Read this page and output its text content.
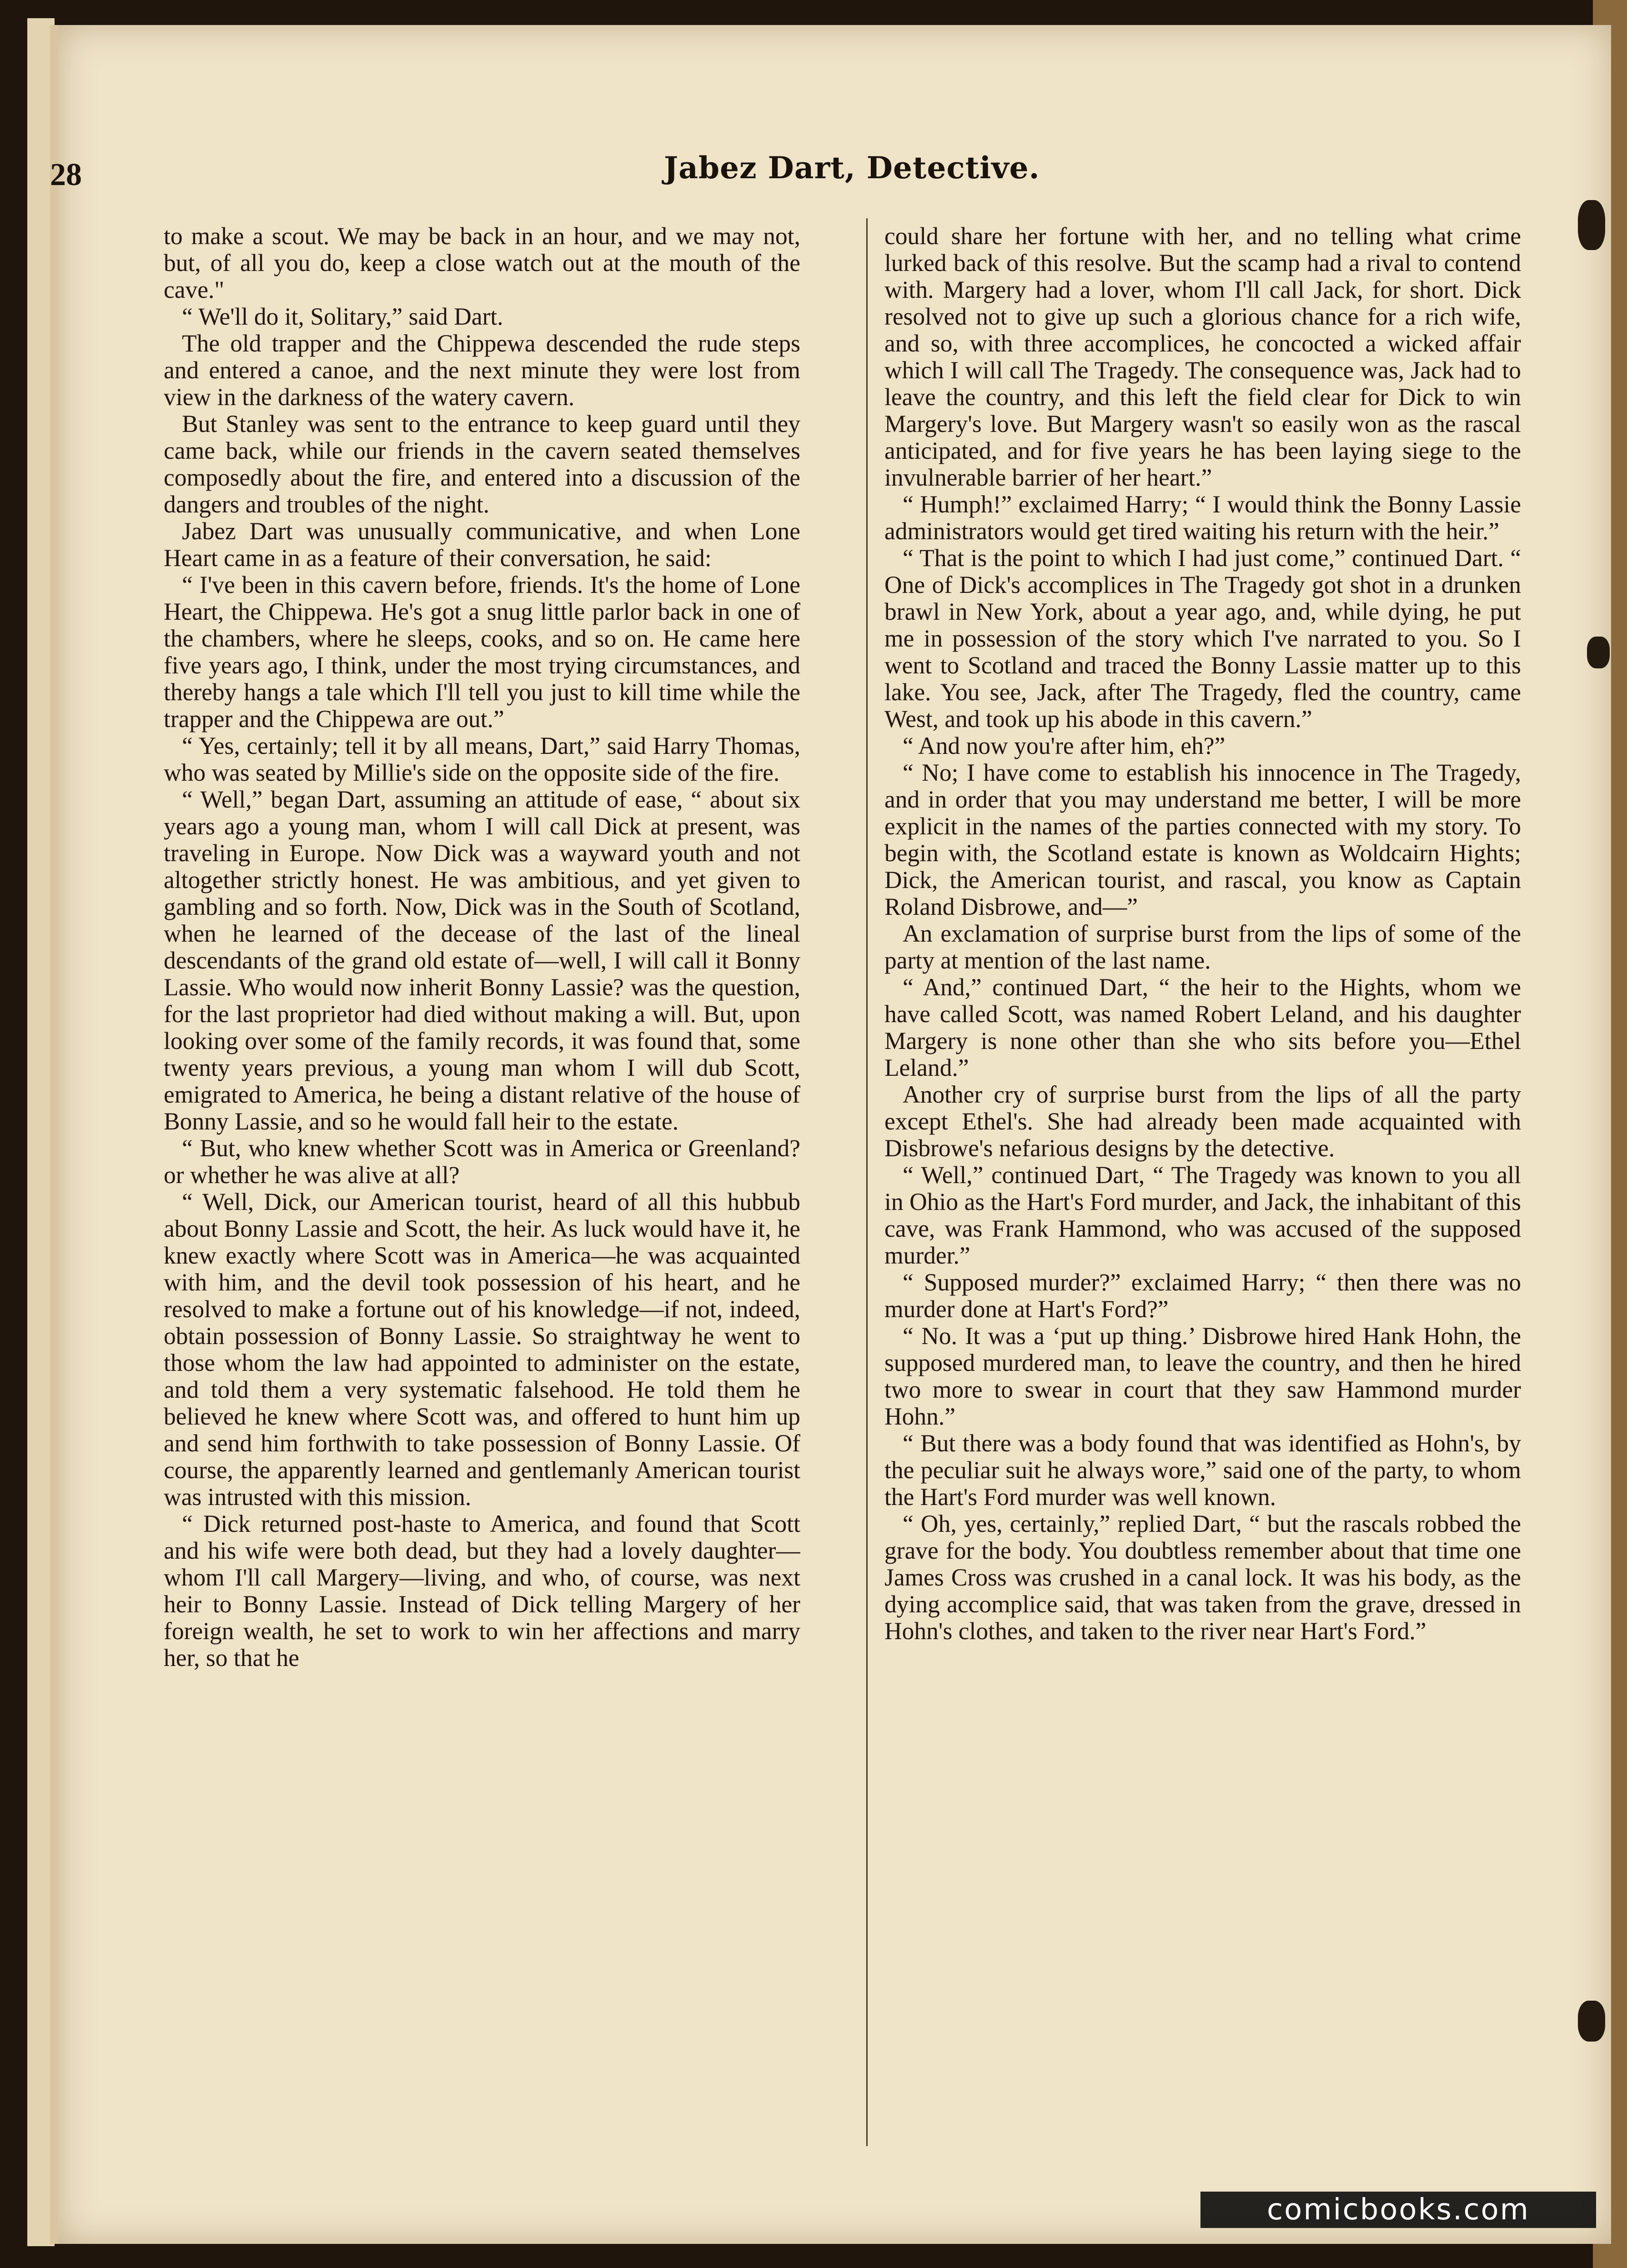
28	Jabez Dart, Detective.

to make a scout. We may be back in an hour, and we may not, but, of all you do, keep a close watch out at the mouth of the cave."

“ We'll do it, Solitary,” said Dart.

The old trapper and the Chippewa descended the rude steps and entered a canoe, and the next minute they were lost from view in the darkness of the watery cavern.

But Stanley was sent to the entrance to keep guard until they came back, while our friends in the cavern seated themselves composedly about the fire, and entered into a discussion of the dangers and troubles of the night.

Jabez Dart was unusually communicative, and when Lone Heart came in as a feature of their conversation, he said:

“ I've been in this cavern before, friends. It's the home of Lone Heart, the Chippewa. He's got a snug little parlor back in one of the chambers, where he sleeps, cooks, and so on. He came here five years ago, I think, under the most trying circumstances, and thereby hangs a tale which I'll tell you just to kill time while the trapper and the Chippewa are out.”

“ Yes, certainly; tell it by all means, Dart,” said Harry Thomas, who was seated by Millie's side on the opposite side of the fire.

“ Well,” began Dart, assuming an attitude of ease, “ about six years ago a young man, whom I will call Dick at present, was traveling in Europe. Now Dick was a wayward youth and not altogether strictly honest. He was ambitious, and yet given to gambling and so forth. Now, Dick was in the South of Scotland, when he learned of the decease of the last of the lineal descendants of the grand old estate of—well, I will call it Bonny Lassie. Who would now inherit Bonny Lassie? was the question, for the last proprietor had died without making a will. But, upon looking over some of the family records, it was found that, some twenty years previous, a young man whom I will dub Scott, emigrated to America, he being a distant relative of the house of Bonny Lassie, and so he would fall heir to the estate.

“ But, who knew whether Scott was in America or Greenland? or whether he was alive at all?

“ Well, Dick, our American tourist, heard of all this hubbub about Bonny Lassie and Scott, the heir. As luck would have it, he knew exactly where Scott was in America—he was acquainted with him, and the devil took possession of his heart, and he resolved to make a fortune out of his knowledge—if not, indeed, obtain possession of Bonny Lassie. So straightway he went to those whom the law had appointed to administer on the estate, and told them a very systematic falsehood. He told them he believed he knew where Scott was, and offered to hunt him up and send him forthwith to take possession of Bonny Lassie. Of course, the apparently learned and gentlemanly American tourist was intrusted with this mission.

“ Dick returned post-haste to America, and found that Scott and his wife were both dead, but they had a lovely daughter—whom I'll call Margery—living, and who, of course, was next heir to Bonny Lassie. Instead of Dick telling Margery of her foreign wealth, he set to work to win her affections and marry her, so that he

could share her fortune with her, and no telling what crime lurked back of this resolve. But the scamp had a rival to contend with. Margery had a lover, whom I'll call Jack, for short. Dick resolved not to give up such a glorious chance for a rich wife, and so, with three accomplices, he concocted a wicked affair which I will call The Tragedy. The consequence was, Jack had to leave the country, and this left the field clear for Dick to win Margery's love. But Margery wasn't so easily won as the rascal anticipated, and for five years he has been laying siege to the invulnerable barrier of her heart.”

“ Humph!” exclaimed Harry; “ I would think the Bonny Lassie administrators would get tired waiting his return with the heir.”

“ That is the point to which I had just come,” continued Dart. “ One of Dick's accomplices in The Tragedy got shot in a drunken brawl in New York, about a year ago, and, while dying, he put me in possession of the story which I've narrated to you. So I went to Scotland and traced the Bonny Lassie matter up to this lake. You see, Jack, after The Tragedy, fled the country, came West, and took up his abode in this cavern.”

“ And now you're after him, eh?”

“ No; I have come to establish his innocence in The Tragedy, and in order that you may understand me better, I will be more explicit in the names of the parties connected with my story. To begin with, the Scotland estate is known as Woldcairn Hights; Dick, the American tourist, and rascal, you know as Captain Roland Disbrowe, and—”

An exclamation of surprise burst from the lips of some of the party at mention of the last name.

“ And,” continued Dart, “ the heir to the Hights, whom we have called Scott, was named Robert Leland, and his daughter Margery is none other than she who sits before you—Ethel Leland.”

Another cry of surprise burst from the lips of all the party except Ethel's. She had already been made acquainted with Disbrowe's nefarious designs by the detective.

“ Well,” continued Dart, “ The Tragedy was known to you all in Ohio as the Hart's Ford murder, and Jack, the inhabitant of this cave, was Frank Hammond, who was accused of the supposed murder.”

“ Supposed murder?” exclaimed Harry; “ then there was no murder done at Hart's Ford?”

“ No. It was a ‘put up thing.’ Disbrowe hired Hank Hohn, the supposed murdered man, to leave the country, and then he hired two more to swear in court that they saw Hammond murder Hohn.”

“ But there was a body found that was identified as Hohn's, by the peculiar suit he always wore,” said one of the party, to whom the Hart's Ford murder was well known.

“ Oh, yes, certainly,” replied Dart, “ but the rascals robbed the grave for the body. You doubtless remember about that time one James Cross was crushed in a canal lock. It was his body, as the dying accomplice said, that was taken from the grave, dressed in Hohn's clothes, and taken to the river near Hart's Ford.”

comicbooks.com
